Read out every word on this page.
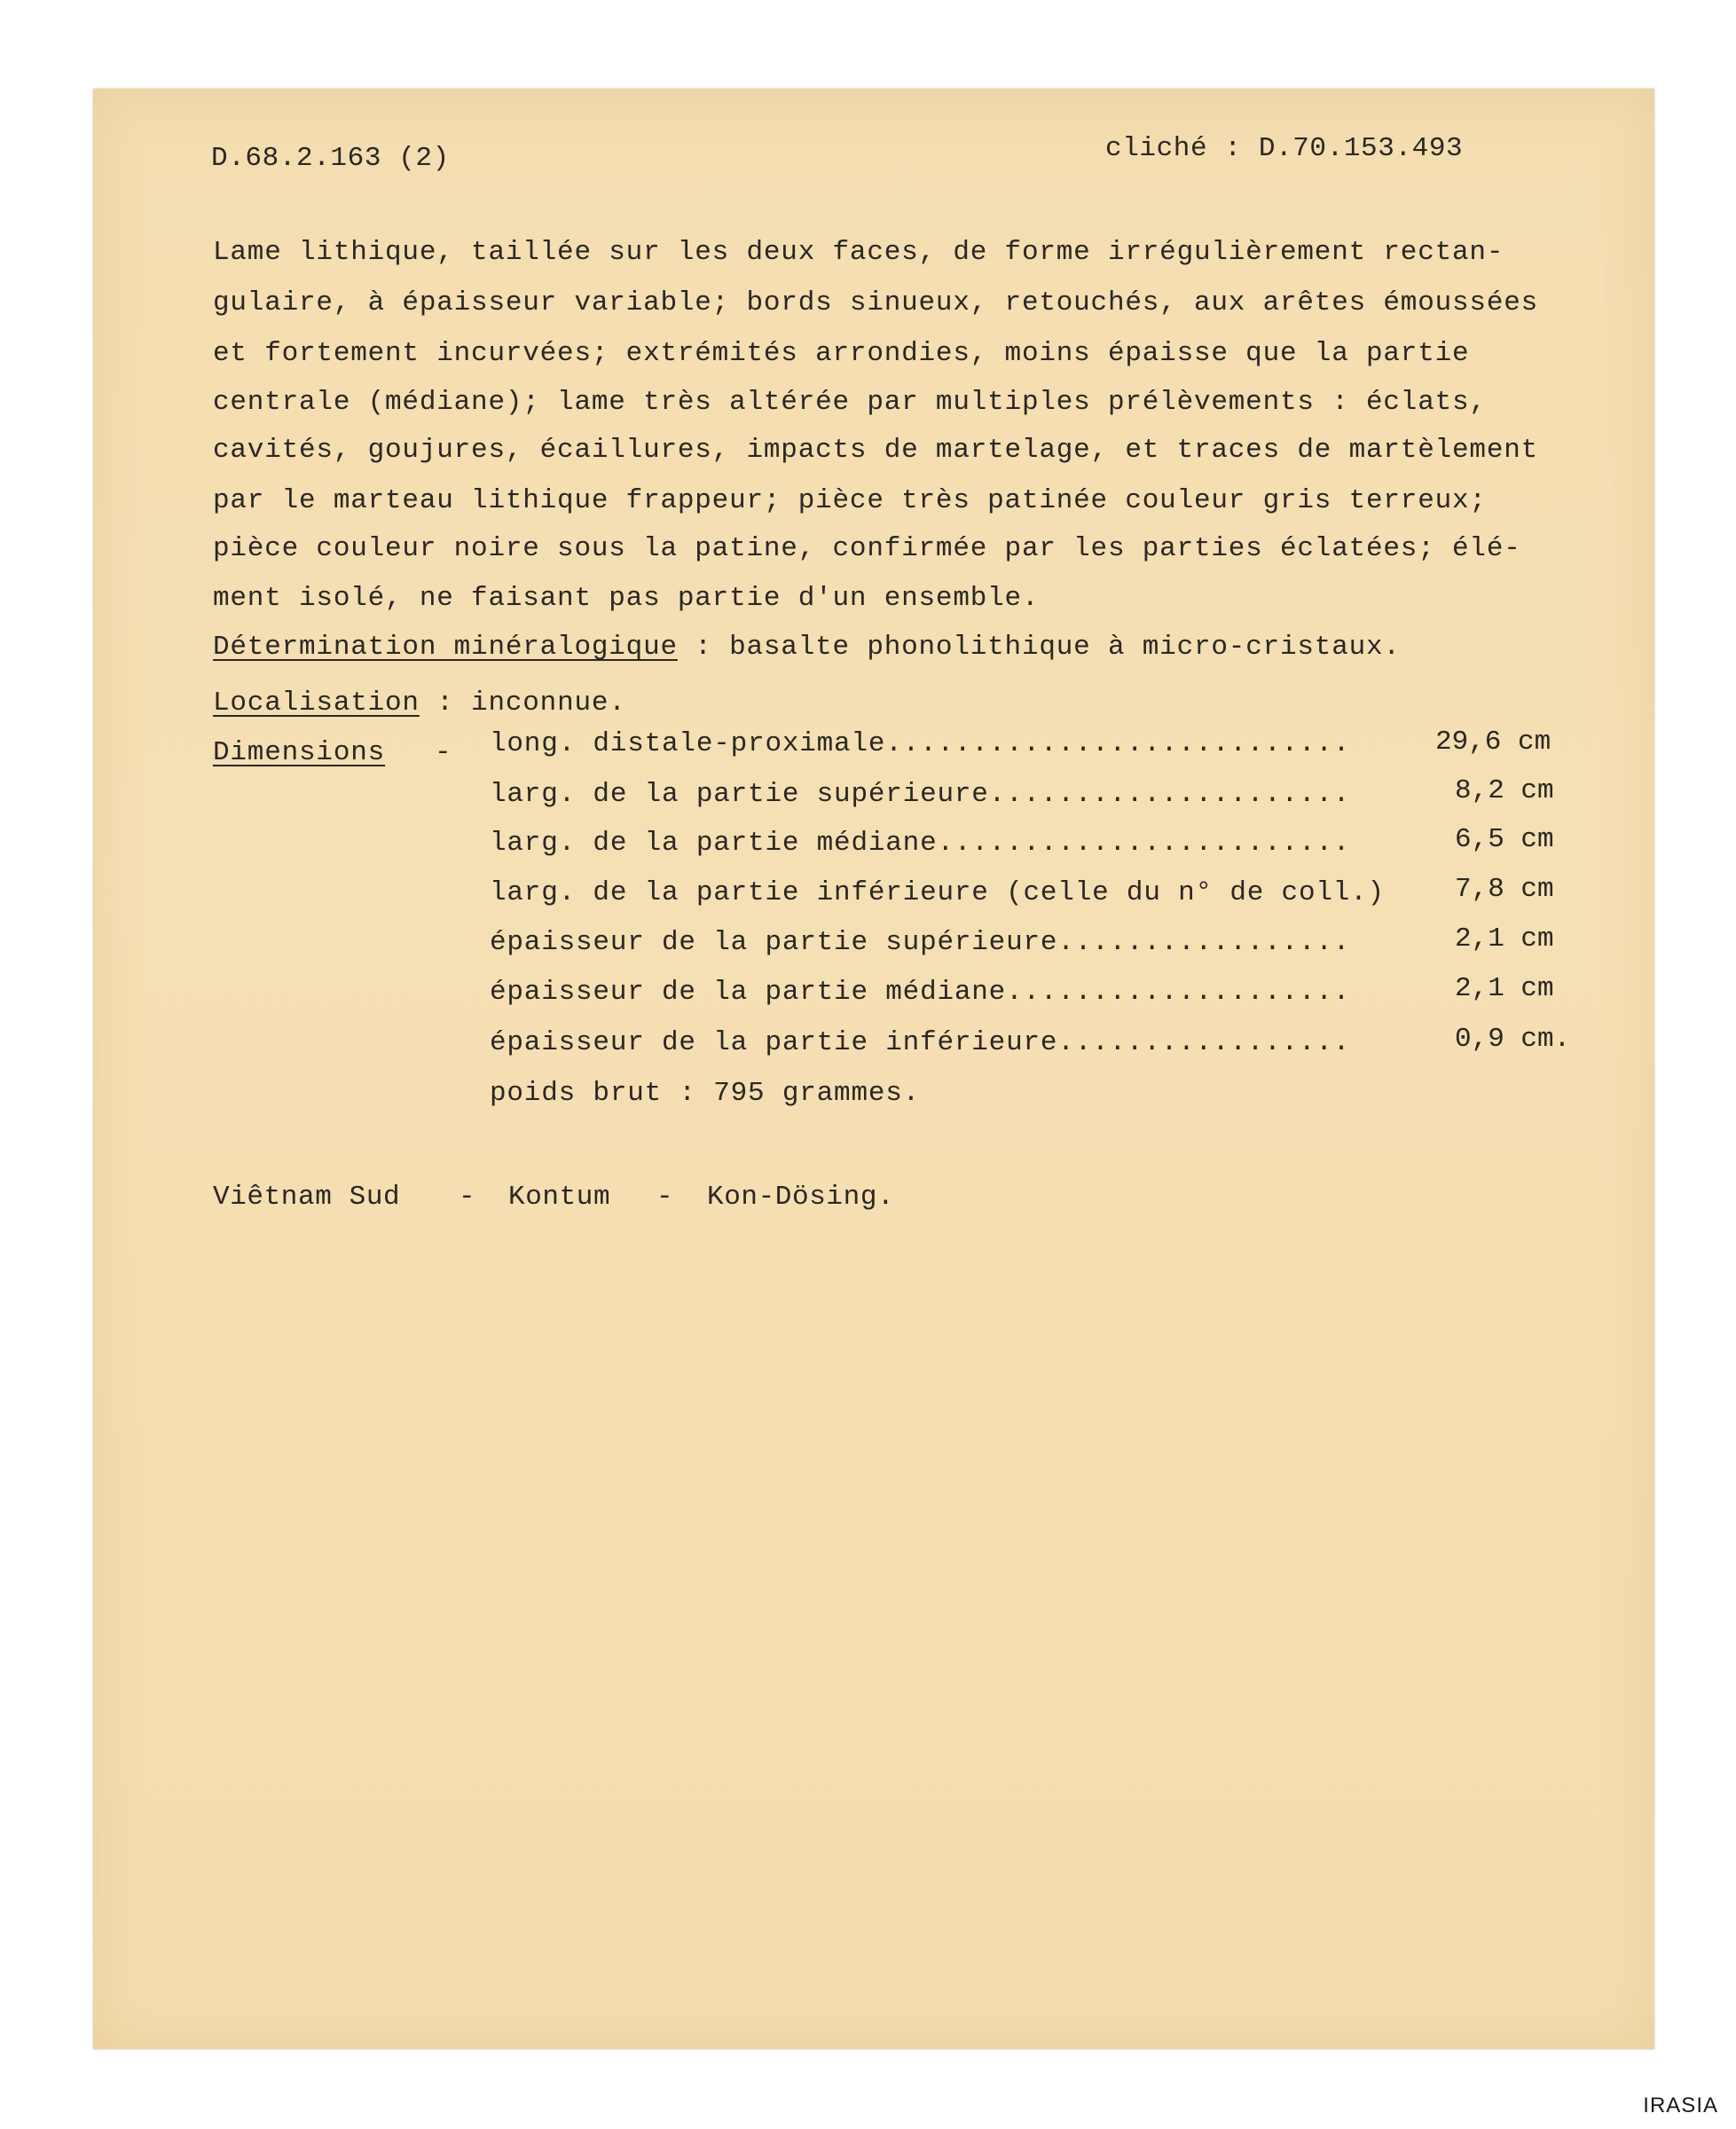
D.68.2.163 (2)	cliché : D.70.153.493
Lame lithique, taillée sur les deux faces, de forme irrégulièrement rectan-
gulaire, à épaisseur variable; bords sinueux, retouchés, aux arêtes émoussées
et fortement incurvées; extrémités arrondies, moins épaisse que la partie
centrale (médiane); lame très altérée par multiples prélèvements : éclats,
cavités, goujures, écaillures, impacts de martelage, et traces de martèlement
par le marteau lithique frappeur; pièce très patinée couleur gris terreux;
pièce couleur noire sous la patine, confirmée par les parties éclatées; élé-
ment isolé, ne faisant pas partie d'un ensemble.
Détermination minéralogique : basalte phonolithique à micro-cristaux.
Localisation : inconnue.
Dimensions - long. distale-proximale...........................	29,6 cm
larg. de la partie supérieure.....................	8,2 cm
larg. de la partie médiane........................	6,5 cm
larg. de la partie inférieure (celle du n° de coll.)	7,8 cm
épaisseur de la partie supérieure.................	2,1 cm
épaisseur de la partie médiane....................	2,1 cm
épaisseur de la partie inférieure.................	0,9 cm.
poids brut : 795 grammes.
Viêtnam Sud - Kontum - Kon-Dösing.
IRASIA
